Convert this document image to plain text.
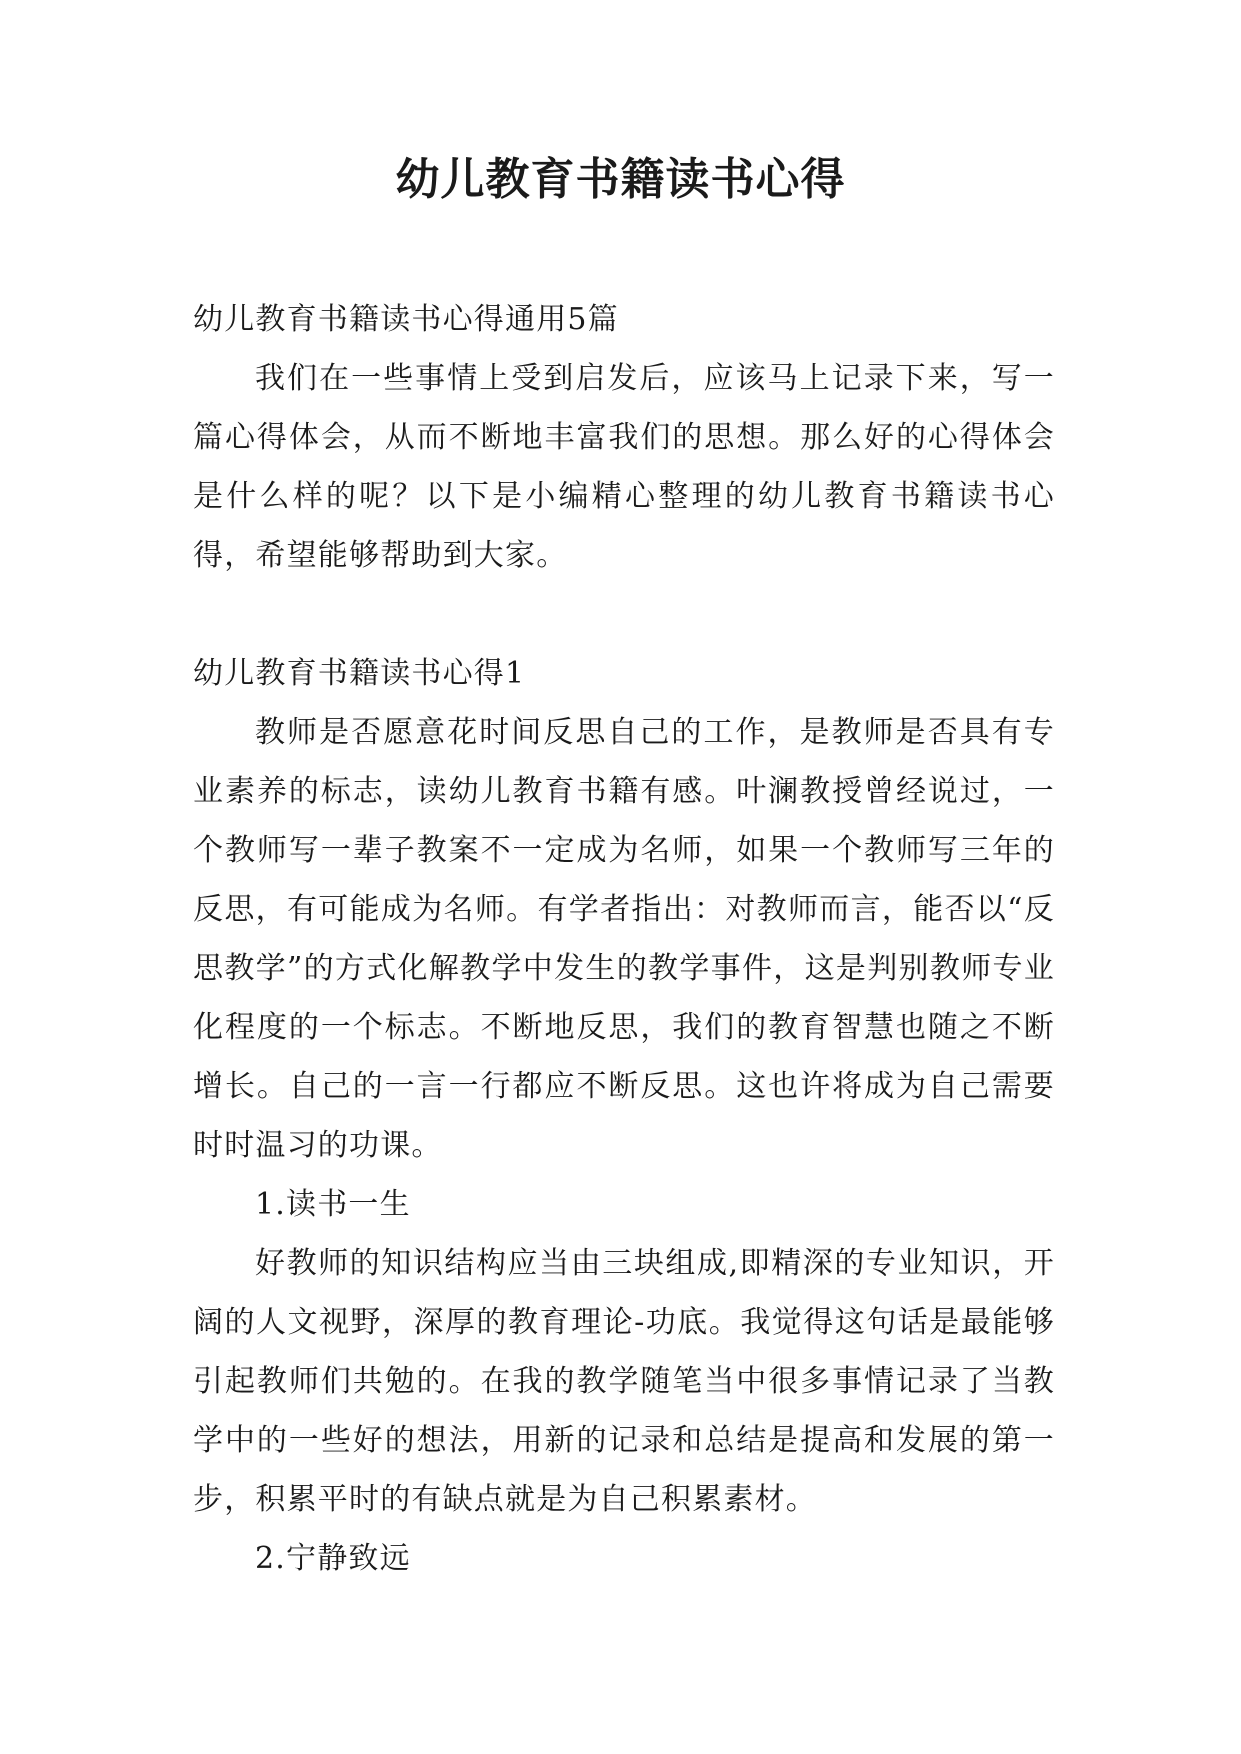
幼儿教育书籍读书心得

幼儿教育书籍读书心得通用5篇

我们在一些事情上受到启发后，应该马上记录下来，写一篇心得体会，从而不断地丰富我们的思想。那么好的心得体会是什么样的呢？以下是小编精心整理的幼儿教育书籍读书心得，希望能够帮助到大家。

幼儿教育书籍读书心得1

教师是否愿意花时间反思自己的工作，是教师是否具有专业素养的标志，读幼儿教育书籍有感。叶澜教授曾经说过，一个教师写一辈子教案不一定成为名师，如果一个教师写三年的反思，有可能成为名师。有学者指出：对教师而言，能否以“反思教学”的方式化解教学中发生的教学事件，这是判别教师专业化程度的一个标志。不断地反思，我们的教育智慧也随之不断增长。自己的一言一行都应不断反思。这也许将成为自己需要时时温习的功课。

1.读书一生

好教师的知识结构应当由三块组成,即精深的专业知识，开阔的人文视野，深厚的教育理论-功底。我觉得这句话是最能够引起教师们共勉的。在我的教学随笔当中很多事情记录了当教学中的一些好的想法，用新的记录和总结是提高和发展的第一步，积累平时的有缺点就是为自己积累素材。

2.宁静致远
